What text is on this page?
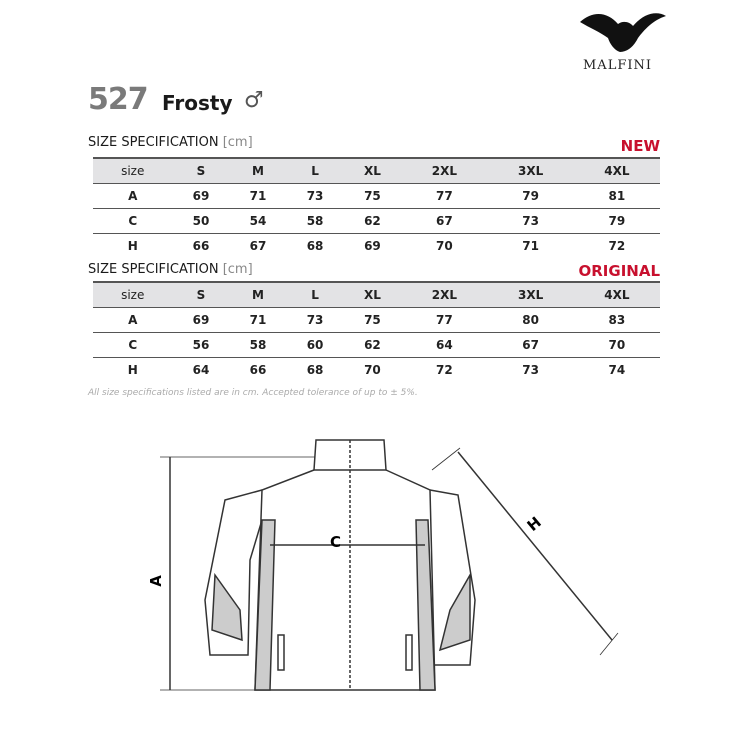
MALFINI
527 Frosty ♂
SIZE SPECIFICATION [cm]	NEW
size	S	M	L	XL	2XL	3XL	4XL
A	69	71	73	75	77	79	81
C	50	54	58	62	67	73	79
H	66	67	68	69	70	71	72
SIZE SPECIFICATION [cm]	ORIGINAL
size	S	M	L	XL	2XL	3XL	4XL
A	69	71	73	75	77	80	83
C	56	58	60	62	64	67	70
H	64	66	68	70	72	73	74
All size specifications listed are in cm. Accepted tolerance of up to ± 5%.
A
C
H
